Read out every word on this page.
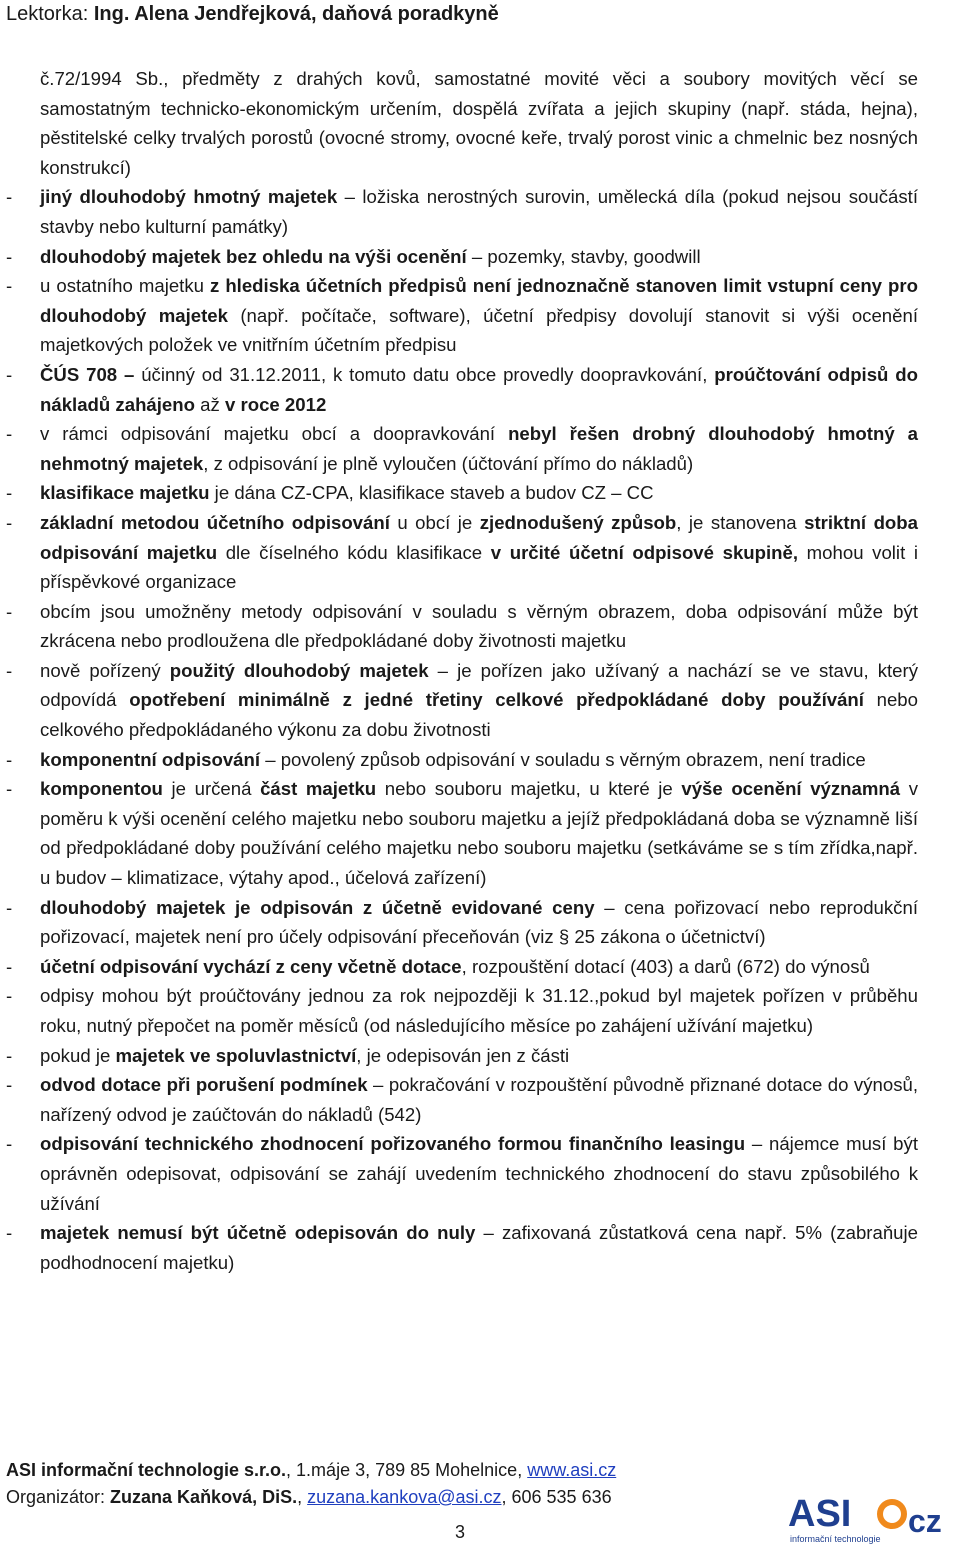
Lektorka: Ing. Alena Jendřejková, daňová poradkyně

č.72/1994 Sb., předměty z drahých kovů, samostatné movité věci a soubory movitých věcí se samostatným technicko-ekonomickým určením, dospělá zvířata a jejich skupiny (např. stáda, hejna), pěstitelské celky trvalých porostů (ovocné stromy, ovocné keře, trvalý porost vinic a chmelnic bez nosných konstrukcí)

- jiný dlouhodobý hmotný majetek – ložiska nerostných surovin, umělecká díla (pokud nejsou součástí stavby nebo kulturní památky)
- dlouhodobý majetek bez ohledu na výši ocenění – pozemky, stavby, goodwill
- u ostatního majetku z hlediska účetních předpisů není jednoznačně stanoven limit vstupní ceny pro dlouhodobý majetek (např. počítače, software), účetní předpisy dovolují stanovit si výši ocenění majetkových položek ve vnitřním účetním předpisu
- ČÚS 708 – účinný od 31.12.2011, k tomuto datu obce provedly doopravkování, proúčtování odpisů do nákladů zahájeno až v roce 2012
- v rámci odpisování majetku obcí a doopravkování nebyl řešen drobný dlouhodobý hmotný a nehmotný majetek, z odpisování je plně vyloučen (účtování přímo do nákladů)
- klasifikace majetku je dána CZ-CPA, klasifikace staveb a budov CZ – CC
- základní metodou účetního odpisování u obcí je zjednodušený způsob, je stanovena striktní doba odpisování majetku dle číselného kódu klasifikace v určité účetní odpisové skupině, mohou volit i příspěvkové organizace
- obcím jsou umožněny metody odpisování v souladu s věrným obrazem, doba odpisování může být zkrácena nebo prodloužena dle předpokládané doby životnosti majetku
- nově pořízený použitý dlouhodobý majetek – je pořízen jako užívaný a nachází se ve stavu, který odpovídá opotřebení minimálně z jedné třetiny celkové předpokládané doby používání nebo celkového předpokládaného výkonu za dobu životnosti
- komponentní odpisování – povolený způsob odpisování v souladu s věrným obrazem, není tradice
- komponentou je určená část majetku nebo souboru majetku, u které je výše ocenění významná v poměru k výši ocenění celého majetku nebo souboru majetku a jejíž předpokládaná doba se významně liší od předpokládané doby používání celého majetku nebo souboru majetku (setkáváme se s tím zřídka,např. u budov – klimatizace, výtahy apod., účelová zařízení)
- dlouhodobý majetek je odpisován z účetně evidované ceny – cena pořizovací nebo reprodukční pořizovací, majetek není pro účely odpisování přeceňován (viz § 25 zákona o účetnictví)
- účetní odpisování vychází z ceny včetně dotace, rozpouštění dotací (403) a darů (672) do výnosů
- odpisy mohou být proúčtovány jednou za rok nejpozději k 31.12.,pokud byl majetek pořízen v průběhu roku, nutný přepočet na poměr měsíců (od následujícího měsíce po zahájení užívání majetku)
- pokud je majetek ve spoluvlastnictví, je odepisován jen z části
- odvod dotace při porušení podmínek – pokračování v rozpouštění původně přiznané dotace do výnosů, nařízený odvod je zaúčtován do nákladů (542)
- odpisování technického zhodnocení pořizovaného formou finančního leasingu – nájemce musí být oprávněn odepisovat, odpisování se zahájí uvedením technického zhodnocení do stavu způsobilého k užívání
- majetek nemusí být účetně odepisován do nuly – zafixovaná zůstatková cena např. 5% (zabraňuje podhodnocení majetku)
ASI informační technologie s.r.o., 1.máje 3, 789 85 Mohelnice, www.asi.cz
Organizátor: Zuzana Kaňková, DiS., zuzana.kankova@asi.cz, 606 535 636
3	ASI cz
informační technologie
